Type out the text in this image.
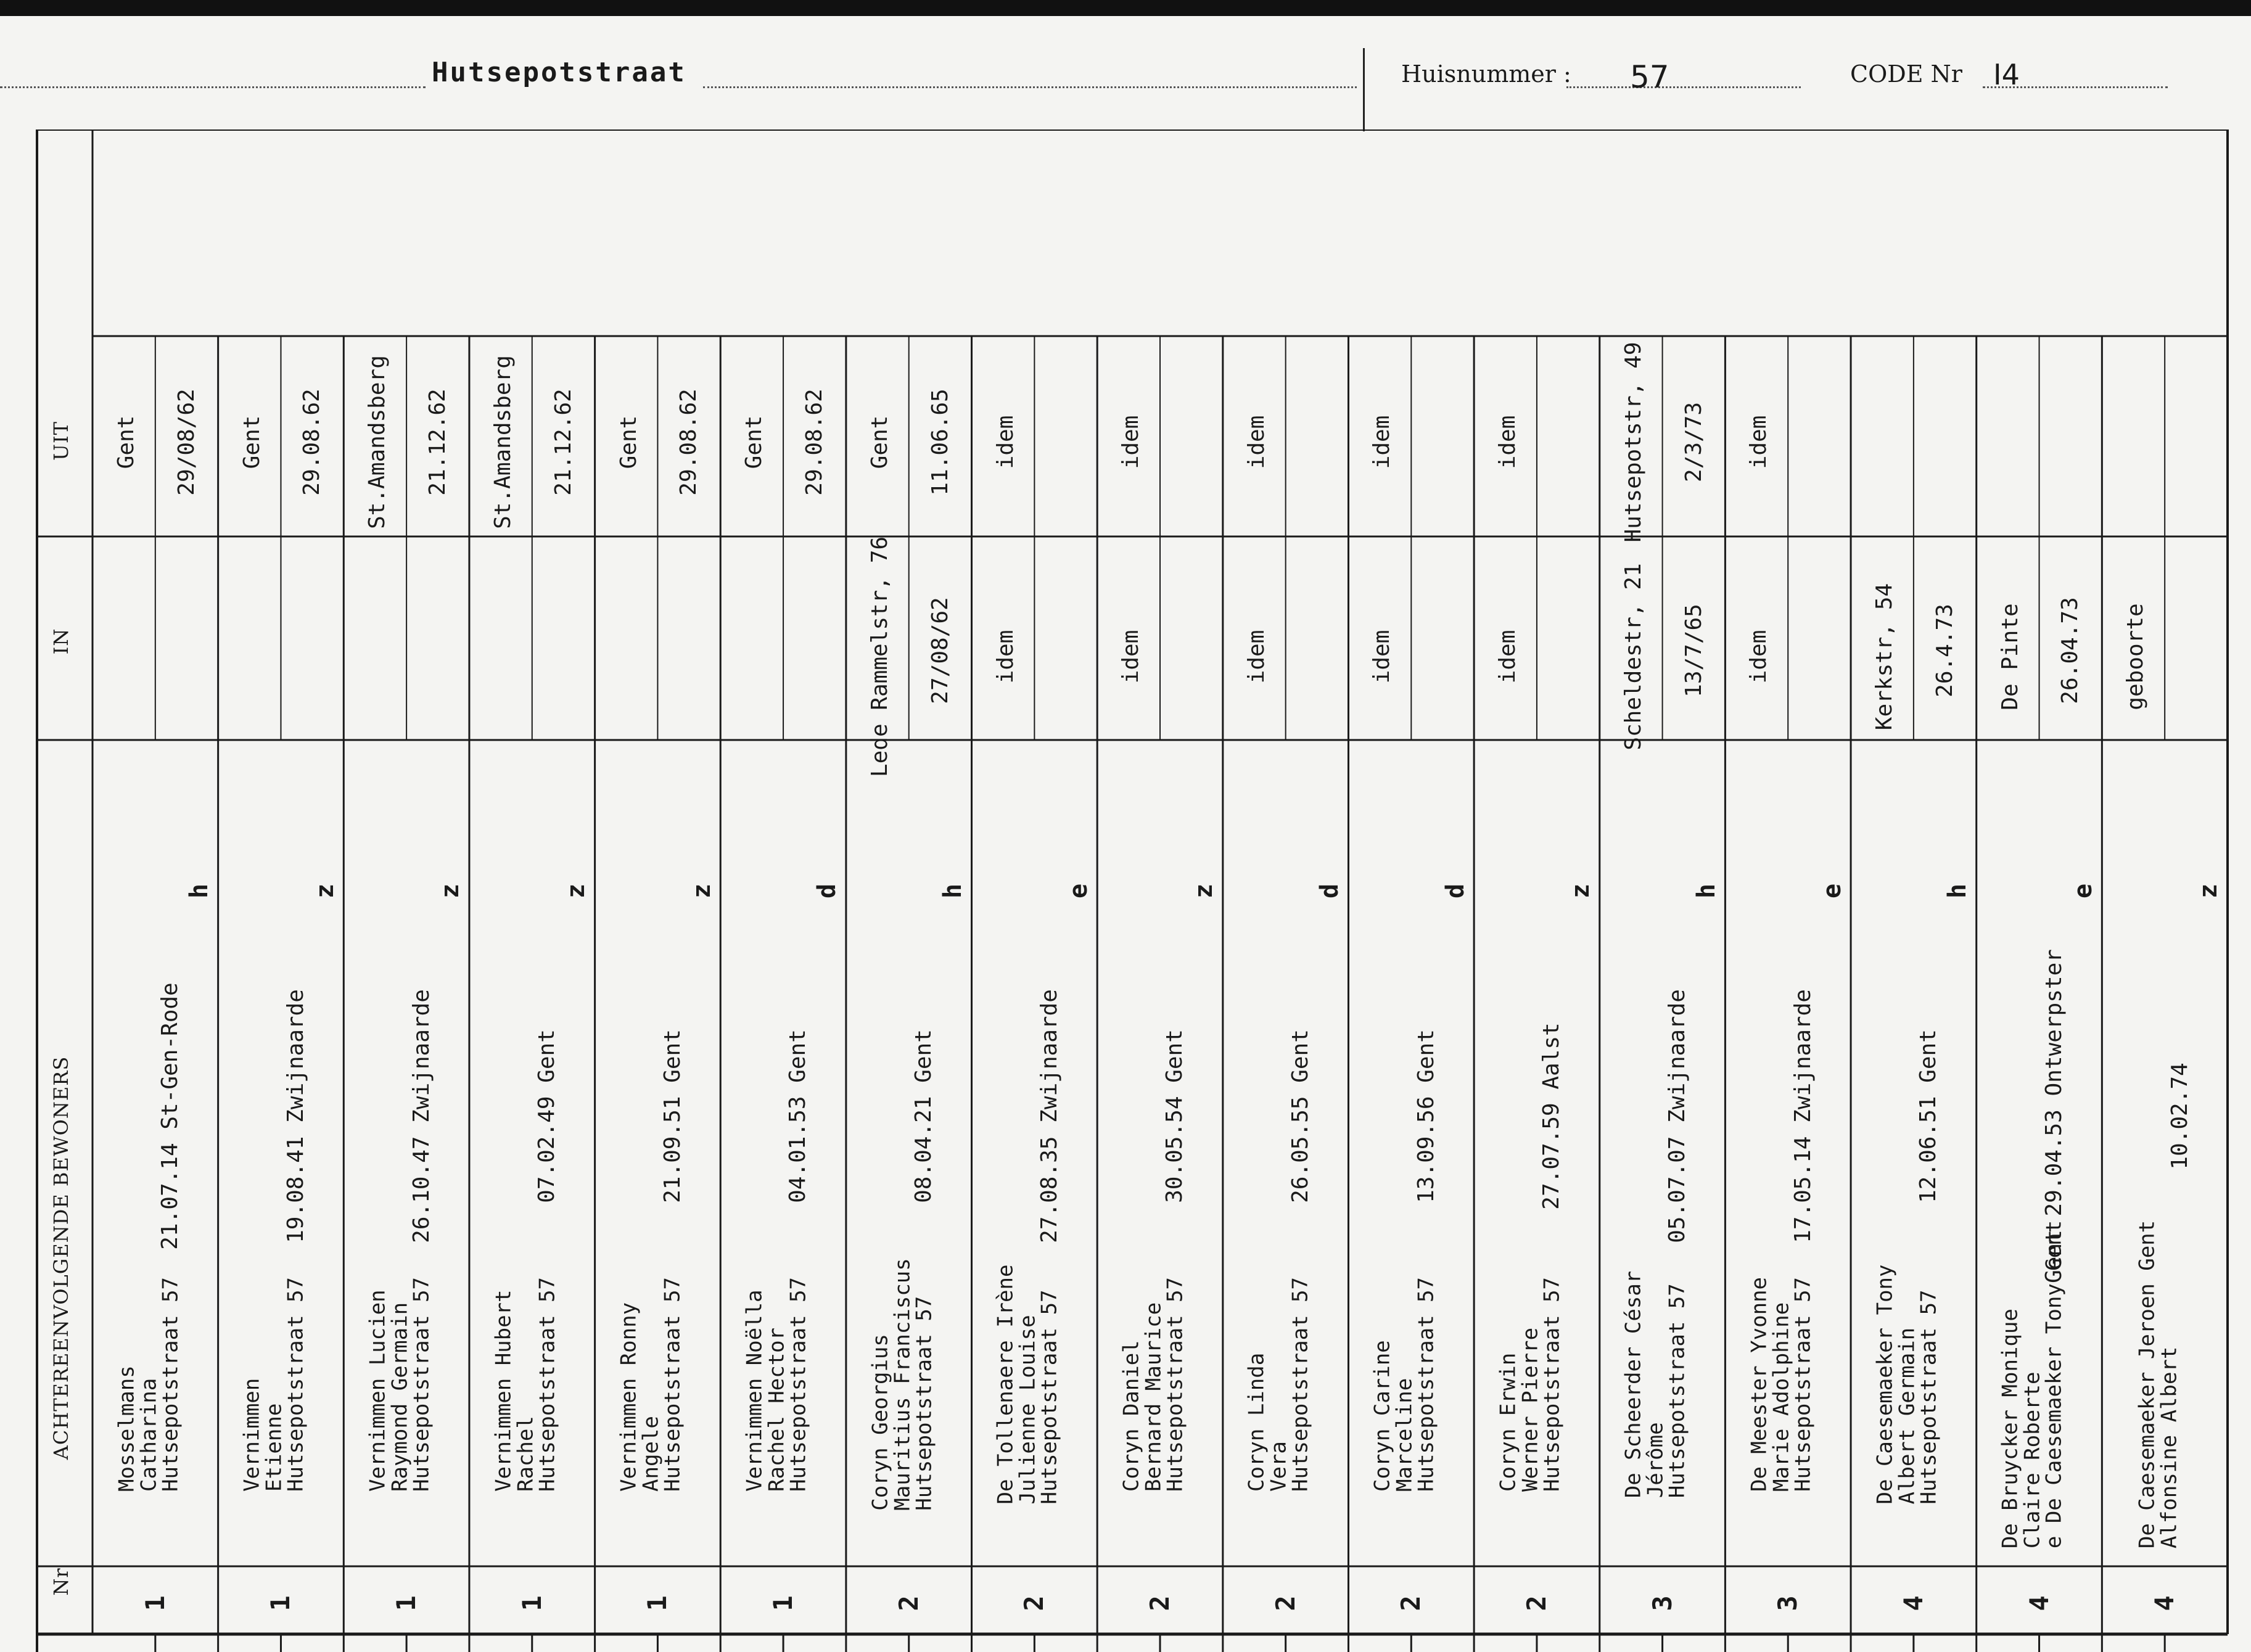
Hutsepotstraat	Huisnummer : 57	CODE Nr I4
Nr
ACHTEREENVOLGENDE BEWONERS
IN
UIT
1
Mosselmans
Catharina
Hutsepotstraat 57
21.07.14 St-Gen-Rode
h
Gent 29/08/62
1
Vernimmen
Etienne
Hutsepotstraat 57
19.08.41 Zwijnaarde
z
Gent 29.08.62
1
Vernimmen Lucien
Raymond Germain
Hutsepotstraat 57
26.10.47 Zwijnaarde
z
St.Amandsberg 21.12.62
1
Vernimmen Hubert
Rachel
Hutsepotstraat 57
07.02.49 Gent
z
St.Amandsberg 21.12.62
1
Vernimmen Ronny
Angele
Hutsepotstraat 57
21.09.51 Gent
z
Gent 29.08.62
1
Vernimmen Noëlla
Rachel Hector
Hutsepotstraat 57
04.01.53 Gent
d
Gent 29.08.62
2
Coryn Georgius
Mauritius Franciscus
Hutsepotstraat 57
08.04.21 Gent
h
Lede Rammelstr, 76 27/08/62
Gent 11.06.65
2
De Tollenaere Irène
Julienne Louise
Hutsepotstraat 57
27.08.35 Zwijnaarde
e
idem
idem
2
Coryn Daniel
Bernard Maurice
Hutsepotstraat 57
30.05.54 Gent
z
idem
idem
2
Coryn Linda
Vera
Hutsepotstraat 57
26.05.55 Gent
d
idem
idem
2
Coryn Carine
Marceline
Hutsepotstraat 57
13.09.56 Gent
d
idem
idem
2
Coryn Erwin
Werner Pierre
Hutsepotstraat 57
27.07.59 Aalst
z
idem
idem
3
De Scheerder César
Jérôme
Hutsepotstraat 57
05.07.07 Zwijnaarde
h
Scheldestr, 21 13/7/65
Hutsepotstr, 49 2/3/73
3
De Meester Yvonne
Marie Adolphine
Hutsepotstraat 57
17.05.14 Zwijnaarde
e
idem
idem
4
De Caesemaeker Tony
Albert Germain
Hutsepotstraat 57
12.06.51 Gent
h
Kerkstr, 54 26.4.73
4
De Bruycker Monique
Claire Roberte
e De Caesemaeker Tony Gent
Gent 29.04.53 Ontwerpster
e
De Pinte 26.04.73
4
De Caesemaeker Jeroen Gent
Alfonsine Albert
10.02.74
z
geboorte
